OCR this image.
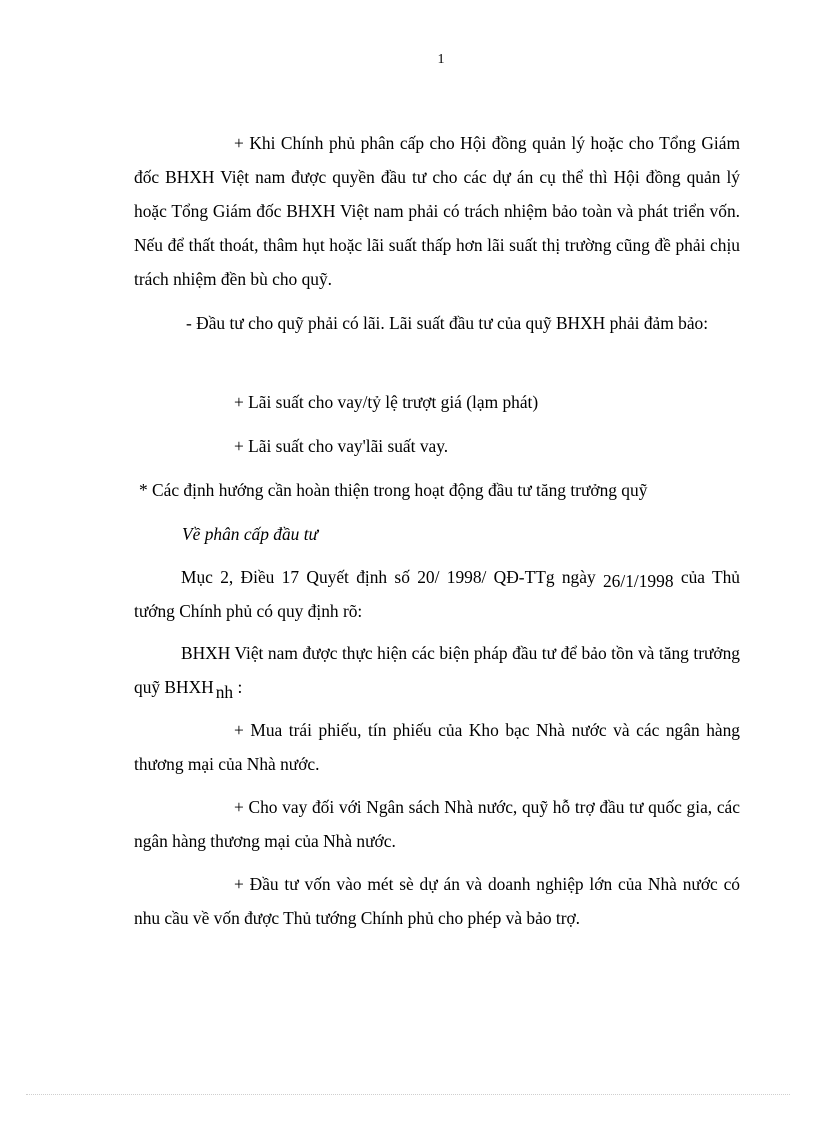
1

+ Khi Chính phủ phân cấp cho Hội đồng quản lý hoặc cho Tổng Giám đốc BHXH Việt nam được quyền đầu tư cho các dự án cụ thể thì Hội đồng quản lý hoặc Tổng Giám đốc BHXH Việt nam phải có trách nhiệm bảo toàn và phát triển vốn. Nếu để thất thoát, thâm hụt hoặc lãi suất thấp hơn lãi suất thị trường cũng đề phải chịu trách nhiệm đền bù cho quỹ.

- Đầu tư cho quỹ phải có lãi. Lãi suất đầu tư của quỹ BHXH phải đảm bảo:

+ Lãi suất cho vay/tỷ lệ trượt giá (lạm phát)

+ Lãi suất cho vay'lãi suất vay.

* Các định hướng cần hoàn thiện trong hoạt động đầu tư tăng trưởng quỹ

Về phân cấp đầu tư

Mục 2, Điều 17 Quyết định số 20/ 1998/ QĐ-TTg ngày 26/1/1998 của Thủ tướng Chính phủ có quy định rõ:

BHXH Việt nam được thực hiện các biện pháp đầu tư để bảo tồn và tăng trưởng quỹ BHXH nh :

+ Mua trái phiếu, tín phiếu của Kho bạc Nhà nước và các ngân hàng thương mại của Nhà nước.

+ Cho vay đối với Ngân sách Nhà nước, quỹ hỗ trợ đầu tư quốc gia, các ngân hàng thương mại của Nhà nước.

+ Đầu tư vốn vào mét sè dự án và doanh nghiệp lớn của Nhà nước có nhu cầu về vốn được Thủ tướng Chính phủ cho phép và bảo trợ.
